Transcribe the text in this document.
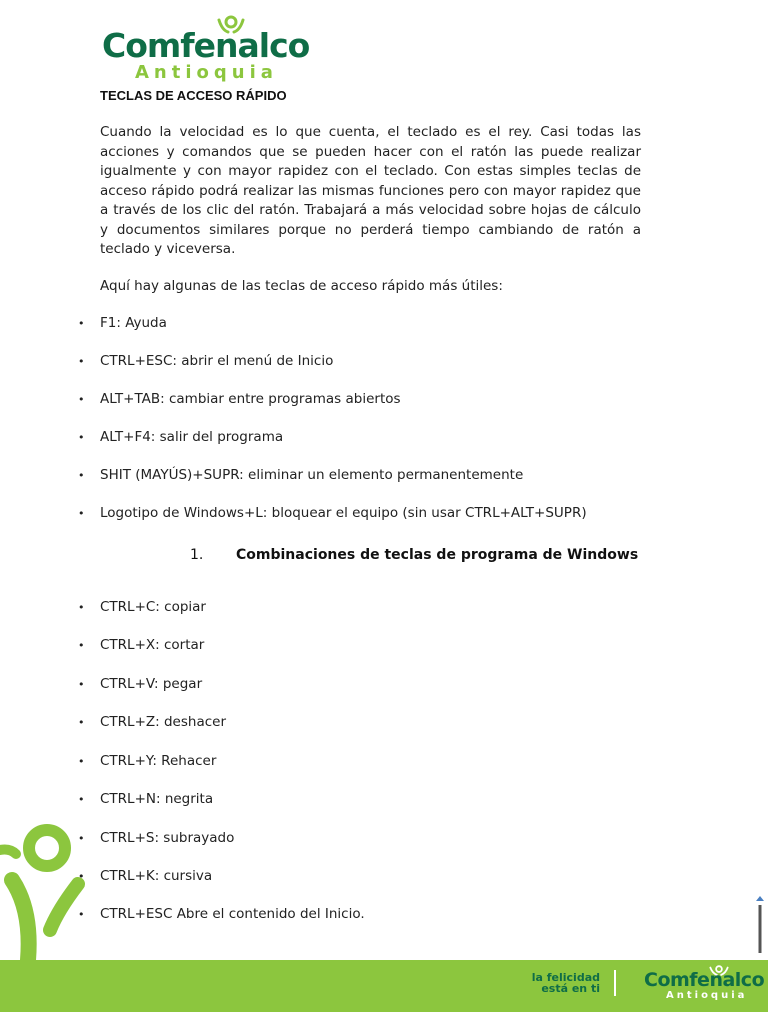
Comfenalco
Antioquia
TECLAS DE ACCESO RÁPIDO

Cuando la velocidad es lo que cuenta, el teclado es el rey. Casi todas las acciones y comandos que se pueden hacer con el ratón las puede realizar igualmente y con mayor rapidez con el teclado. Con estas simples teclas de acceso rápido podrá realizar las mismas funciones pero con mayor rapidez que a través de los clic del ratón. Trabajará a más velocidad sobre hojas de cálculo y documentos similares porque no perderá tiempo cambiando de ratón a teclado y viceversa.

Aquí hay algunas de las teclas de acceso rápido más útiles:

• F1: Ayuda
• CTRL+ESC: abrir el menú de Inicio
• ALT+TAB: cambiar entre programas abiertos
• ALT+F4: salir del programa
• SHIT (MAYÚS)+SUPR: eliminar un elemento permanentemente
• Logotipo de Windows+L: bloquear el equipo (sin usar CTRL+ALT+SUPR)
1. Combinaciones de teclas de programa de Windows
• CTRL+C: copiar
• CTRL+X: cortar
• CTRL+V: pegar
• CTRL+Z: deshacer
• CTRL+Y: Rehacer
• CTRL+N: negrita
• CTRL+S: subrayado
• CTRL+K: cursiva
• CTRL+ESC Abre el contenido del Inicio.
la felicidad
está en ti Comfenalco
Antioquia
